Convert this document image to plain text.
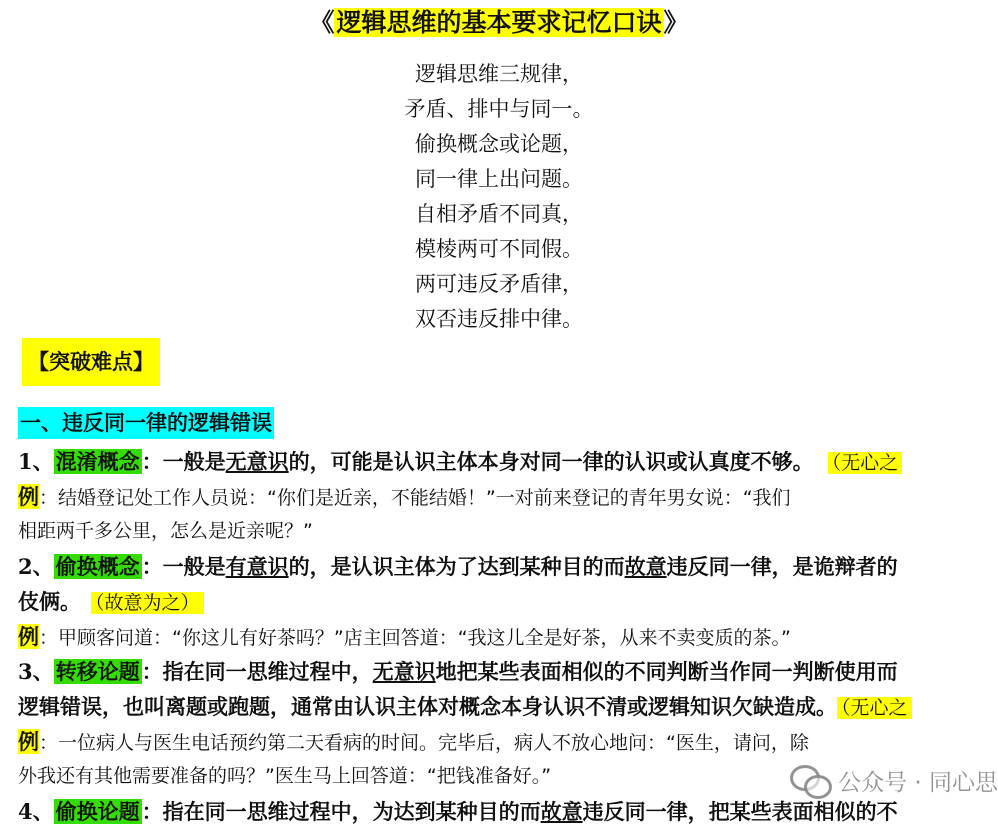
《逻辑思维的基本要求记忆口诀》
逻辑思维三规律，
矛盾、排中与同一。
偷换概念或论题，
同一律上出问题。
自相矛盾不同真，
模棱两可不同假。
两可违反矛盾律，
双否违反排中律。
【突破难点】
一、违反同一律的逻辑错误
1、混淆概念：一般是无意识的，可能是认识主体本身对同一律的认识或认真度不够。 （无心之
例：结婚登记处工作人员说：“你们是近亲，不能结婚！”一对前来登记的青年男女说：“我们
相距两千多公里，怎么是近亲呢？”
2、偷换概念：一般是有意识的，是认识主体为了达到某种目的而故意违反同一律，是诡辩者的
伎俩。 （故意为之）
例：甲顾客问道：“你这儿有好茶吗？”店主回答道：“我这儿全是好茶，从来不卖变质的茶。”
3、转移论题：指在同一思维过程中，无意识地把某些表面相似的不同判断当作同一判断使用而
逻辑错误，也叫离题或跑题，通常由认识主体对概念本身认识不清或逻辑知识欠缺造成。 （无心之
例：一位病人与医生电话预约第二天看病的时间。完毕后，病人不放心地问：“医生，请问，除
外我还有其他需要准备的吗？”医生马上回答道：“把钱准备好。”
4、偷换论题：指在同一思维过程中，为达到某种目的而故意违反同一律，把某些表面相似的不
公众号 · 同心思
